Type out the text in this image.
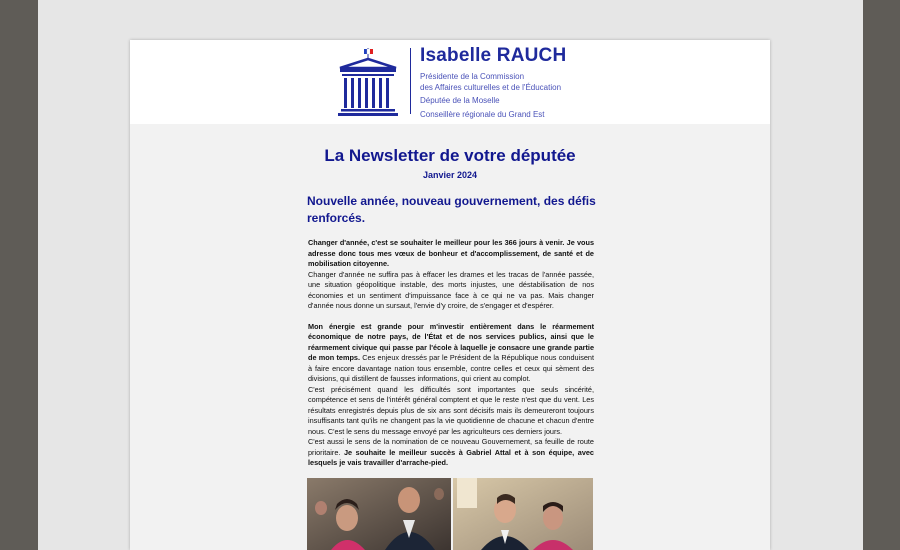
Isabelle RAUCH
Présidente de la Commission
des Affaires culturelles et de l'Éducation
Députée de la Moselle
Conseillère régionale du Grand Est
La Newsletter de votre députée
Janvier 2024
Nouvelle année, nouveau gouvernement, des défis renforcés.

Changer d'année, c'est se souhaiter le meilleur pour les 366 jours à venir. Je vous adresse donc tous mes vœux de bonheur et d'accomplissement, de santé et de mobilisation citoyenne.
Changer d'année ne suffira pas à effacer les drames et les tracas de l'année passée, une situation géopolitique instable, des morts injustes, une déstabilisation de nos économies et un sentiment d'impuissance face à ce qui ne va pas. Mais changer d'année nous donne un sursaut, l'envie d'y croire, de s'engager et d'espérer.

Mon énergie est grande pour m'investir entièrement dans le réarmement économique de notre pays, de l'État et de nos services publics, ainsi que le réarmement civique qui passe par l'école à laquelle je consacre une grande partie de mon temps. Ces enjeux dressés par le Président de la République nous conduisent à faire encore davantage nation tous ensemble, contre celles et ceux qui sèment des divisions, qui distillent de fausses informations, qui crient au complot.

C'est précisément quand les difficultés sont importantes que seuls sincérité, compétence et sens de l'intérêt général comptent et que le reste n'est que du vent. Les résultats enregistrés depuis plus de six ans sont décisifs mais ils demeureront toujours insuffisants tant qu'ils ne changent pas la vie quotidienne de chacune et chacun d'entre nous. C'est le sens du message envoyé par les agriculteurs ces derniers jours.

C'est aussi le sens de la nomination de ce nouveau Gouvernement, sa feuille de route prioritaire. Je souhaite le meilleur succès à Gabriel Attal et à son équipe, avec lesquels je vais travailler d'arrache-pied.
